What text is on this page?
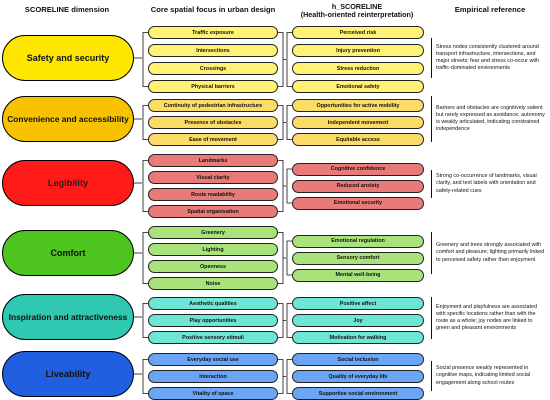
SCORELINE dimension	Core spatial focus in urban design	h_SCORELINE
(Health-oriented reinterpretation)
Empirical reference
Safety and security
Traffic exposure
Intersections
Crossings
Physical barriers
Perceived risk
Injury prevention
Stress reduction
Emotional safety
Stress nodes consistently clustered around transport infrastructure, intersections, and major streets; fear and stress co-occur with traffic-dominated environments
Convenience and accessibility
Continuity of pedestrian infrastructure
Presence of obstacles
Ease of movement
Opportunities for active mobility
Independent movement
Equitable access
Barriers and obstacles are cognitively salient but rarely expressed as avoidance; autonomy is weakly articulated, indicating constrained independence
Legibility
Landmarks
Visual clarity
Route readability
Spatial organisation
Cognitive confidence
Reduced anxiety
Emotional security
Strong co-occurrence of landmarks, visual clarity, and text labels with orientation and safety-related cues
Comfort
Greenery
Lighting
Openness
Noise
Emotional regulation
Sensory comfort
Mental well-being
Greenery and trees strongly associated with comfort and pleasure; lighting primarily linked to perceived safety rather than enjoyment
Inspiration and attractiveness
Aesthetic qualities
Play opportunities
Positive sensory stimuli
Positive affect
Joy
Motivation for walking
Enjoyment and playfulness are associated with specific locations rather than with the route as a whole; joy nodes are linked to green and pleasant environments
Liveability
Everyday social use
Interaction
Vitality of space
Social inclusion
Quality of everyday life
Supportive social environment
Social presence weakly represented in cognitive maps, indicating limited social engagement along school routes
